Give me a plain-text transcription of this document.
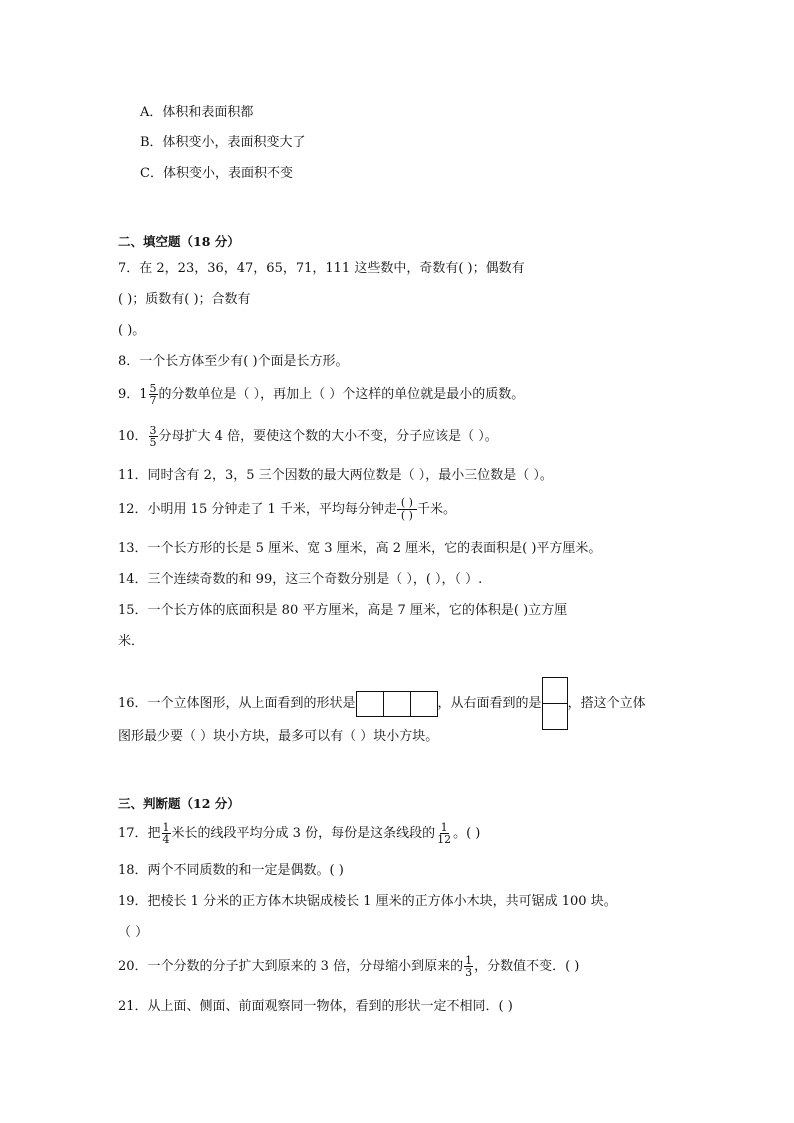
A．体积和表面积都
B．体积变小，表面积变大了
C．体积变小，表面积不变
二、填空题（18 分）
7．在 2，23，36，47，65，71，111 这些数中，奇数有( )；偶数有
( )；质数有( )；合数有
( )。
8．一个长方体至少有( )个面是长方形。
9．$1 \frac{5}{7}$ 的分数单位是（ ），再加上（ ）个这样的单位就是最小的质数。
10． $\frac{3}{5}$ 分母扩大 4 倍，要使这个数的大小不变，分子应该是（ ）。
11．同时含有 2，3，5 三个因数的最大两位数是（ ），最小三位数是（ ）。
12．小明用 15 分钟走了 1 千米，平均每分钟走 $\frac{( )}{( )}$ 千米。
13．一个长方形的长是 5 厘米、宽 3 厘米，高 2 厘米，它的表面积是( )平方厘米。
14．三个连续奇数的和 99，这三个奇数分别是（ ），( ），（ ）.
15．一个长方体的底面积是 80 平方厘米，高是 7 厘米，它的体积是( )立方厘
米．
16．一个立体图形，从上面看到的形状是	，从右面看到的是 ，搭这个立体
图形最少要（ ）块小方块，最多可以有（ ）块小方块。
三、判断题（12 分）
17．把 $\frac{1}{4}$ 米长的线段平均分成 3 份，每份是这条线段的 $\frac{1}{12}$ 。( )
18．两个不同质数的和一定是偶数。( )
19．把棱长 1 分米的正方体木块锯成棱长 1 厘米的正方体小木块，共可锯成 100 块。
（ ）
20．一个分数的分子扩大到原来的 3 倍，分母缩小到原来的 $\frac{1}{3}$ ，分数值不变．( )
21．从上面、侧面、前面观察同一物体，看到的形状一定不相同．( )
